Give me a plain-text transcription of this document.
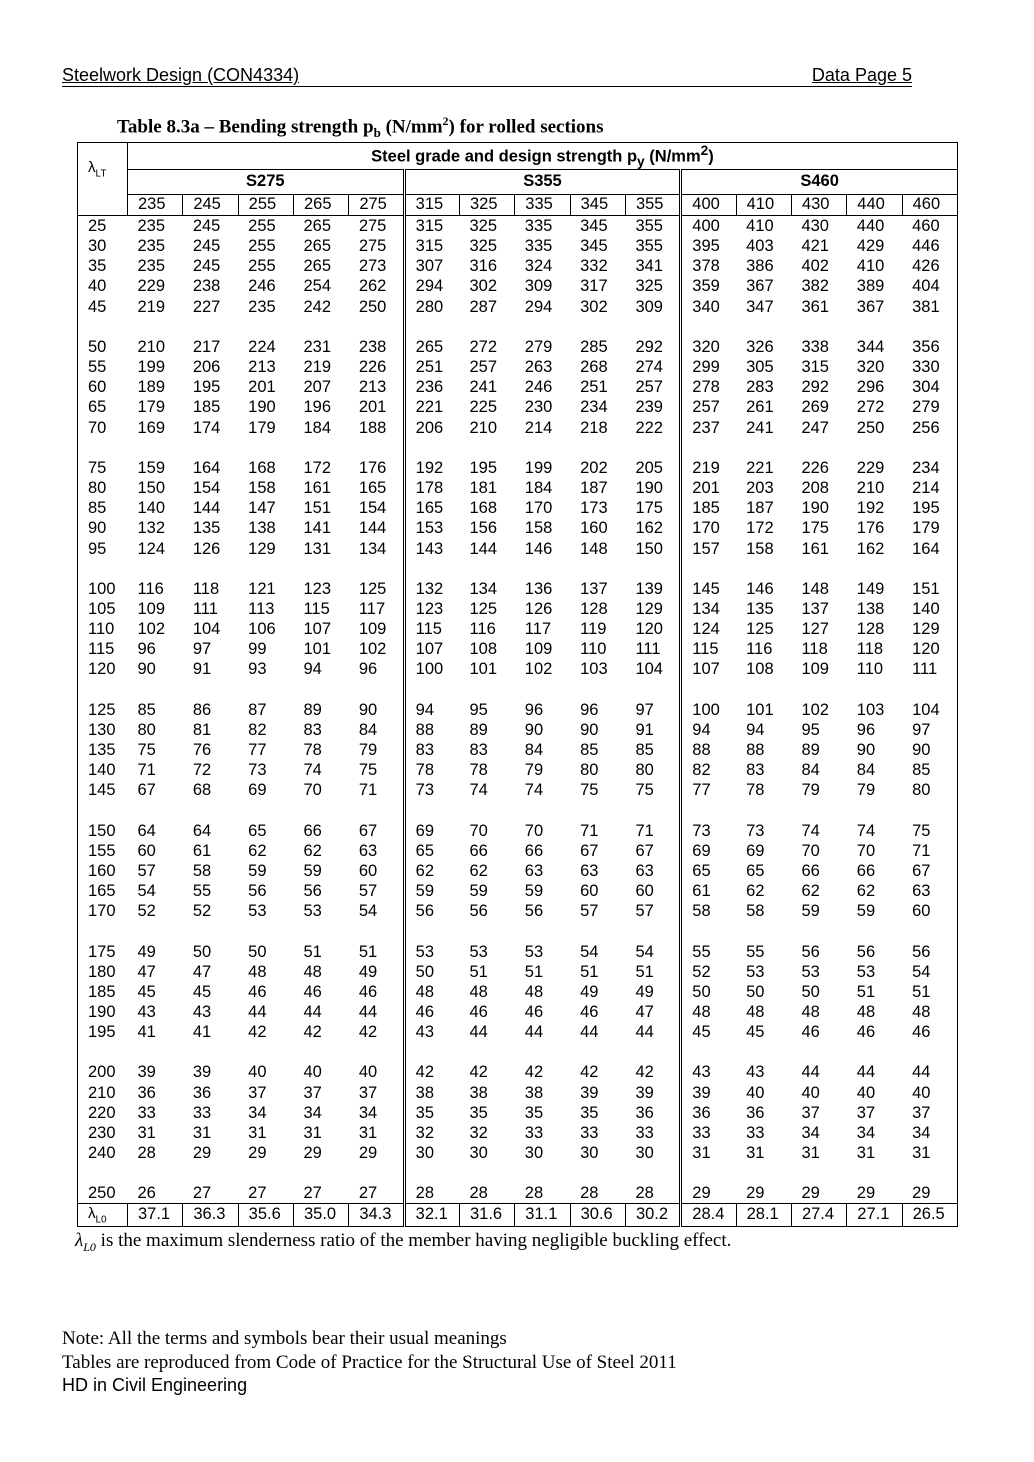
Steelwork Design (CON4334)	Data Page 5
Table 8.3a – Bending strength $p_b$ $(N/mm^2)$ for rolled sections
$\lambda_{LT}$	Steel grade and design strength $p_y$ $(N/mm^2)$														
	S275					S355					S460				
	235	245	255	265	275	315	325	335	345	355	400	410	430	440	460
25	235	245	255	265	275	315	325	335	345	355	400	410	430	440	460
30	235	245	255	265	275	315	325	335	345	355	395	403	421	429	446
35	235	245	255	265	273	307	316	324	332	341	378	386	402	410	426
40	229	238	246	254	262	294	302	309	317	325	359	367	382	389	404
45	219	227	235	242	250	280	287	294	302	309	340	347	361	367	381

50	210	217	224	231	238	265	272	279	285	292	320	326	338	344	356
55	199	206	213	219	226	251	257	263	268	274	299	305	315	320	330
60	189	195	201	207	213	236	241	246	251	257	278	283	292	296	304
65	179	185	190	196	201	221	225	230	234	239	257	261	269	272	279
70	169	174	179	184	188	206	210	214	218	222	237	241	247	250	256

75	159	164	168	172	176	192	195	199	202	205	219	221	226	229	234
80	150	154	158	161	165	178	181	184	187	190	201	203	208	210	214
85	140	144	147	151	154	165	168	170	173	175	185	187	190	192	195
90	132	135	138	141	144	153	156	158	160	162	170	172	175	176	179
95	124	126	129	131	134	143	144	146	148	150	157	158	161	162	164

100	116	118	121	123	125	132	134	136	137	139	145	146	148	149	151
105	109	111	113	115	117	123	125	126	128	129	134	135	137	138	140
110	102	104	106	107	109	115	116	117	119	120	124	125	127	128	129
115	96	97	99	101	102	107	108	109	110	111	115	116	118	118	120
120	90	91	93	94	96	100	101	102	103	104	107	108	109	110	111

125	85	86	87	89	90	94	95	96	96	97	100	101	102	103	104
130	80	81	82	83	84	88	89	90	90	91	94	94	95	96	97
135	75	76	77	78	79	83	83	84	85	85	88	88	89	90	90
140	71	72	73	74	75	78	78	79	80	80	82	83	84	84	85
145	67	68	69	70	71	73	74	74	75	75	77	78	79	79	80

150	64	64	65	66	67	69	70	70	71	71	73	73	74	74	75
155	60	61	62	62	63	65	66	66	67	67	69	69	70	70	71
160	57	58	59	59	60	62	62	63	63	63	65	65	66	66	67
165	54	55	56	56	57	59	59	59	60	60	61	62	62	62	63
170	52	52	53	53	54	56	56	56	57	57	58	58	59	59	60

175	49	50	50	51	51	53	53	53	54	54	55	55	56	56	56
180	47	47	48	48	49	50	51	51	51	51	52	53	53	53	54
185	45	45	46	46	46	48	48	48	49	49	50	50	50	51	51
190	43	43	44	44	44	46	46	46	46	47	48	48	48	48	48
195	41	41	42	42	42	43	44	44	44	44	45	45	46	46	46

200	39	39	40	40	40	42	42	42	42	42	43	43	44	44	44
210	36	36	37	37	37	38	38	38	39	39	39	40	40	40	40
220	33	33	34	34	34	35	35	35	35	36	36	36	37	37	37
230	31	31	31	31	31	32	32	33	33	33	33	33	34	34	34
240	28	29	29	29	29	30	30	30	30	30	31	31	31	31	31

250	26	27	27	27	27	28	28	28	28	28	29	29	29	29	29
$\lambda_{L0}$	37.1	36.3	35.6	35.0	34.3	32.1	31.6	31.1	30.6	30.2	28.4	28.1	27.4	27.1	26.5
$\lambda_{L0}$ is the maximum slenderness ratio of the member having negligible buckling effect.
Note: All the terms and symbols bear their usual meanings
Tables are reproduced from Code of Practice for the Structural Use of Steel 2011
HD in Civil Engineering
